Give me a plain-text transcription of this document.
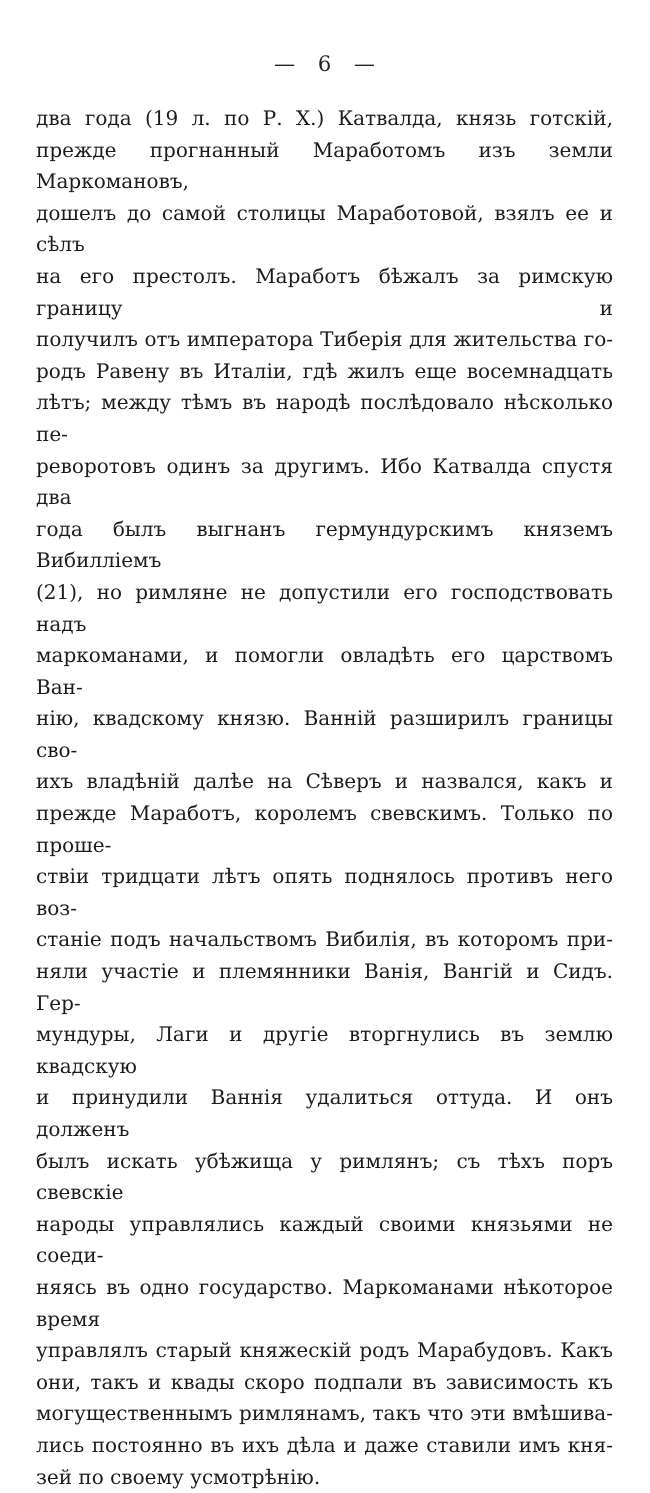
— 6 —
два года (19 л. по Р. Х.) Катвалда, князь готскій,
прежде прогнанный Маработомъ изъ земли Маркомановъ,
дошелъ до самой столицы Маработовой, взялъ ее и сѣлъ
на его престолъ. Маработъ бѣжалъ за римскую границу и
получилъ отъ императора Тиберія для жительства го-
родъ Равену въ Италіи, гдѣ жилъ еще восемнадцать
лѣтъ; между тѣмъ въ народѣ послѣдовало нѣсколько пе-
реворотовъ одинъ за другимъ. Ибо Катвалда спустя два
года былъ выгнанъ гермундурскимъ княземъ Вибилліемъ
(21), но римляне не допустили его господствовать надъ
маркоманами, и помогли овладѣть его царствомъ Ван-
нію, квадскому князю. Ванній разширилъ границы сво-
ихъ владѣній далѣе на Сѣверъ и назвался, какъ и
прежде Маработъ, королемъ свевскимъ. Только по проше-
ствіи тридцати лѣтъ опять поднялось противъ него воз-
станіе подъ начальствомъ Вибилія, въ которомъ при-
няли участіе и племянники Ванія, Вангій и Сидъ. Гер-
мундуры, Лаги и другіе вторгнулись въ землю квадскую
и принудили Ваннія удалиться оттуда. И онъ долженъ
былъ искать убѣжища у римлянъ; съ тѣхъ поръ свевскіе
народы управлялись каждый своими князьями не соеди-
няясь въ одно государство. Маркоманами нѣкоторое время
управлялъ старый княжескій родъ Марабудовъ. Какъ
они, такъ и квады скоро подпали въ зависимость къ
могущественнымъ римлянамъ, такъ что эти вмѣшива-
лись постоянно въ ихъ дѣла и даже ставили имъ кня-
зей по своему усмотрѣнію.
